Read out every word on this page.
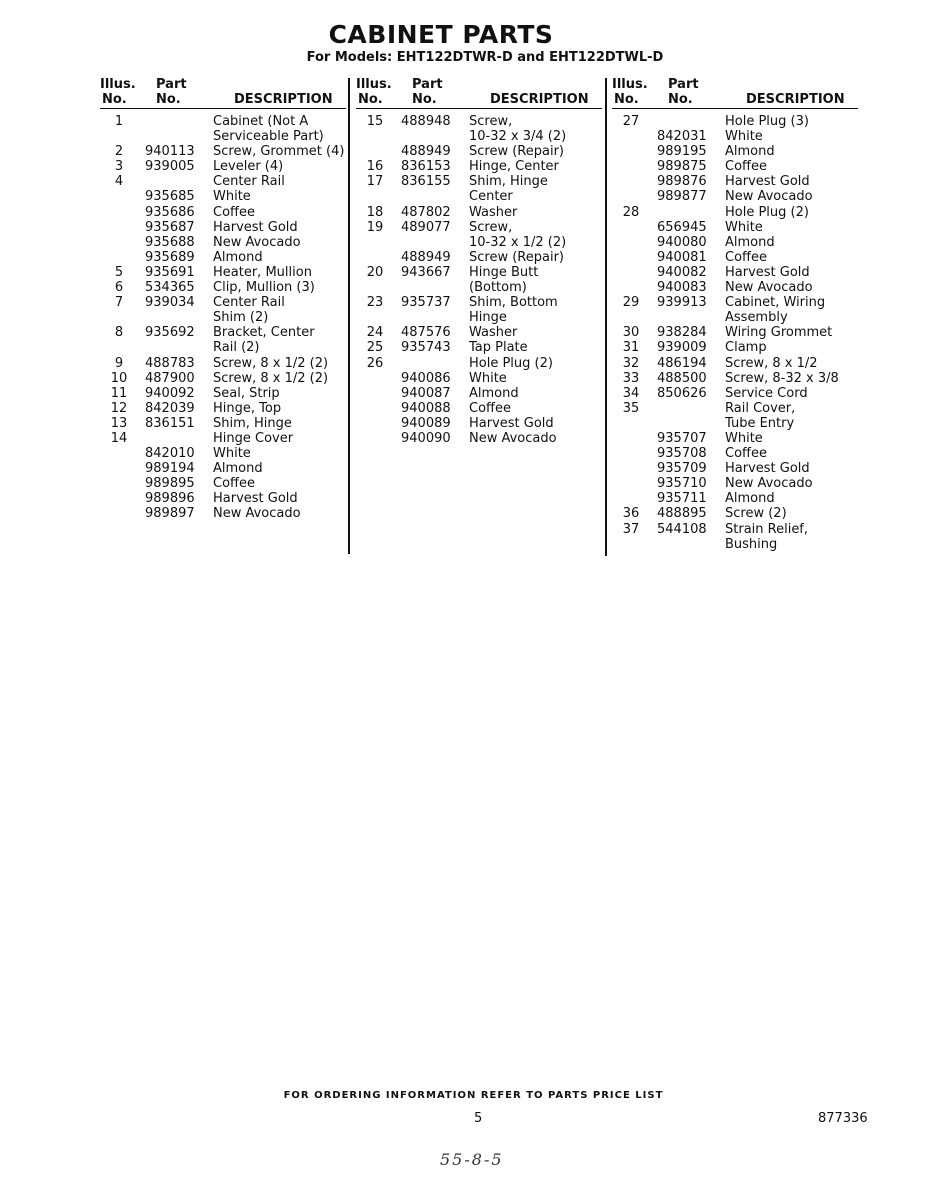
CABINET PARTS
For Models: EHT122DTWR-D and EHT122DTWL-D
Illus.
No.
Part
No.	DESCRIPTION
1	Cabinet (Not A
Serviceable Part)
2	940113 Screw, Grommet (4)
3	939005 Leveler (4)
4	Center Rail
935685 White
935686 Coffee
935687 Harvest Gold
935688 New Avocado
935689 Almond
5	935691 Heater, Mullion
6	534365 Clip, Mullion (3)
7	939034 Center Rail
Shim (2)
8	935692 Bracket, Center
Rail (2)
9	488783 Screw, 8 x 1/2 (2)
10	487900 Screw, 8 x 1/2 (2)
11	940092 Seal, Strip
12	842039 Hinge, Top
13	836151 Shim, Hinge
14	Hinge Cover
842010 White
989194 Almond
989895 Coffee
989896 Harvest Gold
989897 New Avocado
Illus.
No.
Part
No.	DESCRIPTION
15	488948 Screw,
10-32 x 3/4 (2)
488949 Screw (Repair)
16	836153 Hinge, Center
17	836155 Shim, Hinge
Center
18	487802 Washer
19	489077 Screw,
10-32 x 1/2 (2)
488949 Screw (Repair)
20	943667 Hinge Butt
(Bottom)
23	935737 Shim, Bottom
Hinge
24	487576 Washer
25	935743 Tap Plate
26	Hole Plug (2)
940086 White
940087 Almond
940088 Coffee
940089 Harvest Gold
940090 New Avocado
Illus.
No.
Part
No.	DESCRIPTION
27	Hole Plug (3)
842031 White
989195 Almond
989875 Coffee
989876 Harvest Gold
989877 New Avocado
28	Hole Plug (2)
656945 White
940080 Almond
940081 Coffee
940082 Harvest Gold
940083 New Avocado
29	939913 Cabinet, Wiring
Assembly
30	938284 Wiring Grommet
31	939009 Clamp
32	486194 Screw, 8 x 1/2
33	488500 Screw, 8-32 x 3/8
34	850626 Service Cord
35	Rail Cover,
Tube Entry
935707 White
935708 Coffee
935709 Harvest Gold
935710 New Avocado
935711 Almond
36	488895 Screw (2)
37	544108 Strain Relief,
Bushing
FOR ORDERING INFORMATION REFER TO PARTS PRICE LIST
5	877336
55-8-5
